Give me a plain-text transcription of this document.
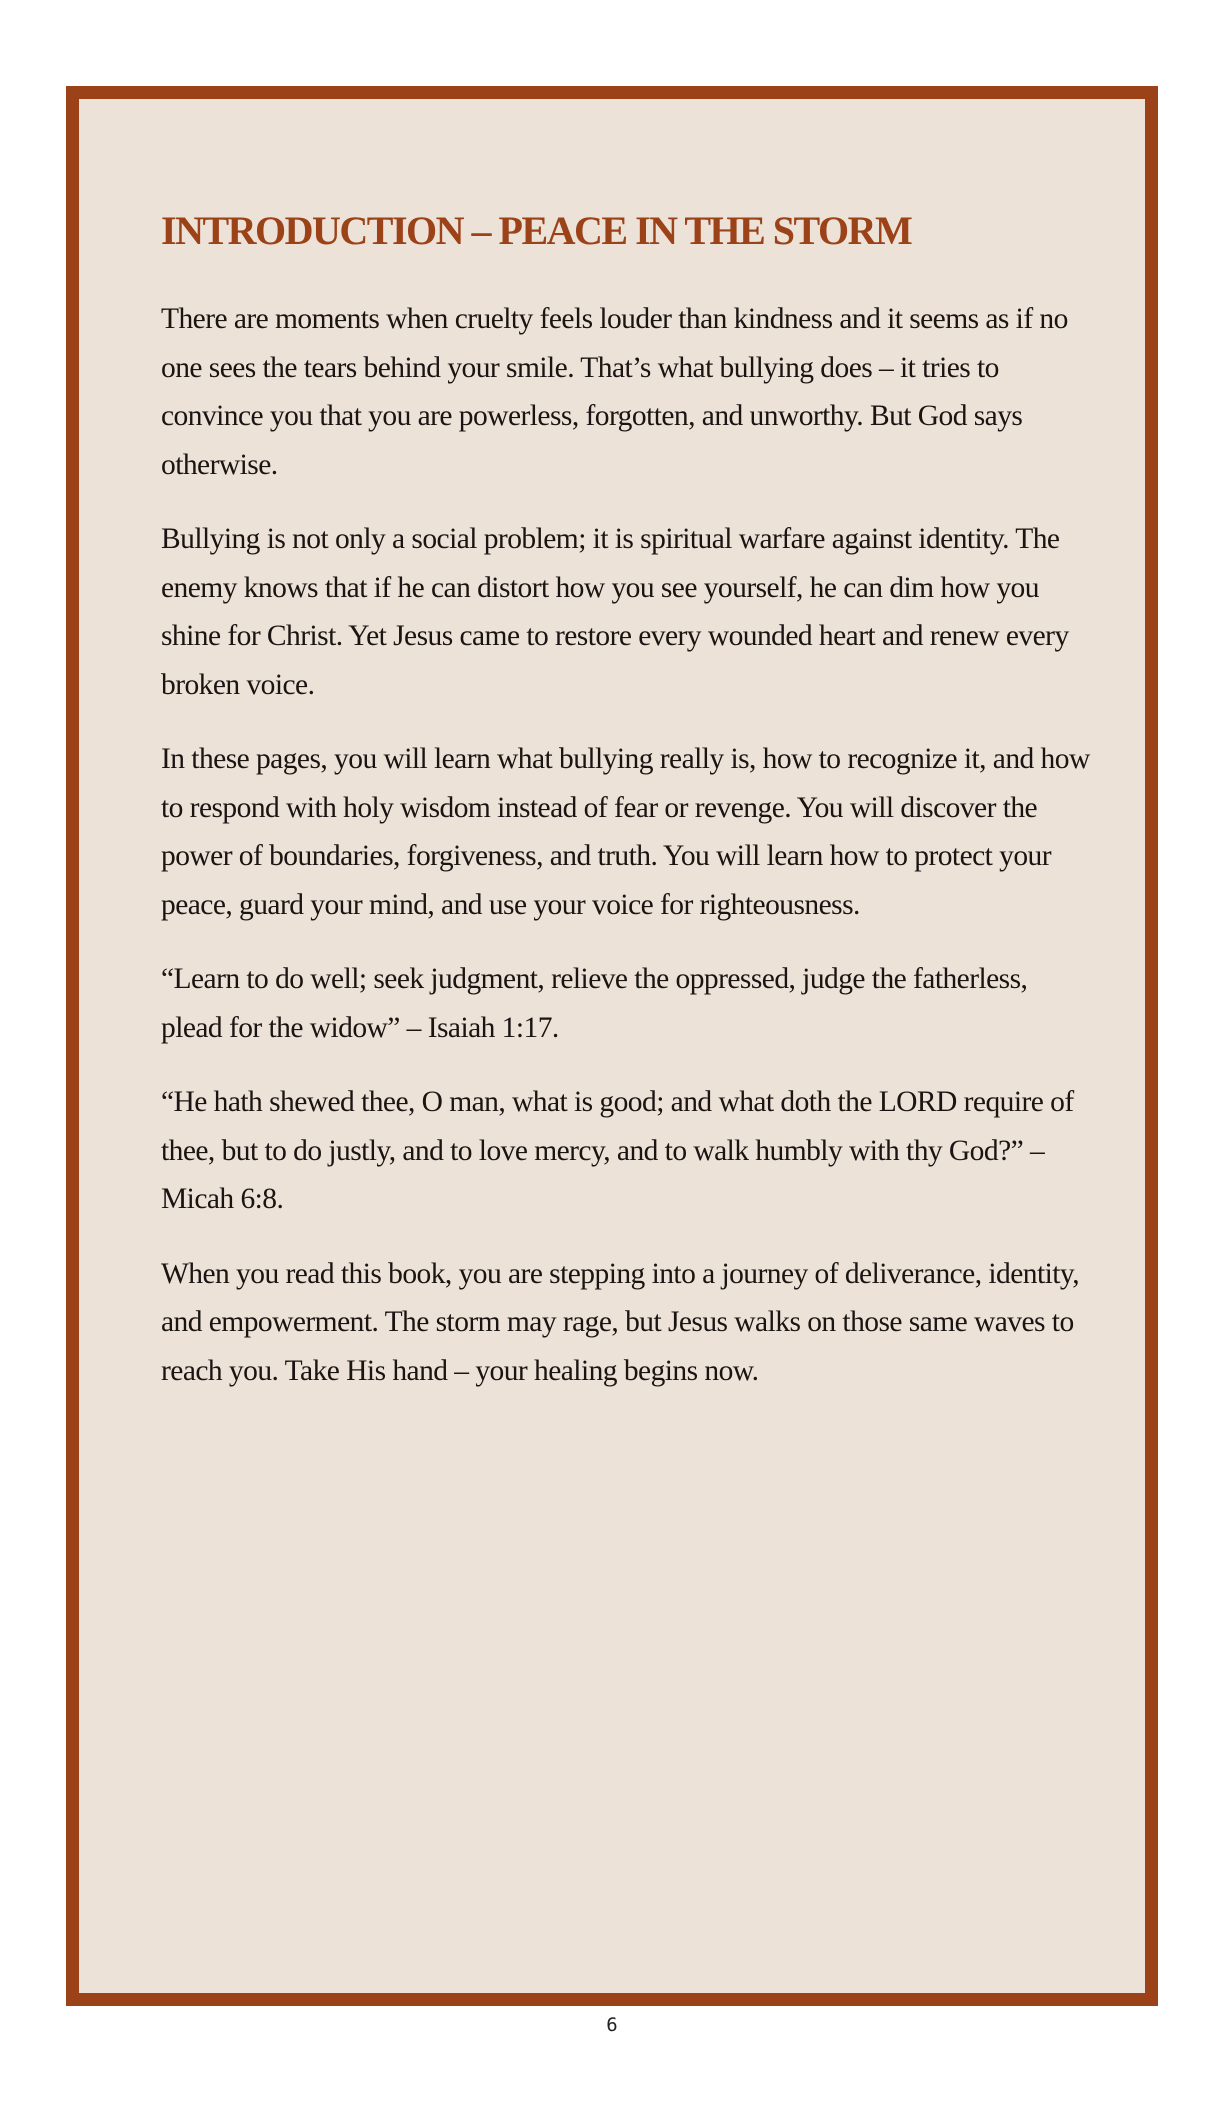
INTRODUCTION – PEACE IN THE STORM

There are moments when cruelty feels louder than kindness and it seems as if no one sees the tears behind your smile. That’s what bullying does – it tries to convince you that you are powerless, forgotten, and unworthy. But God says otherwise.

Bullying is not only a social problem; it is spiritual warfare against identity. The enemy knows that if he can distort how you see yourself, he can dim how you shine for Christ. Yet Jesus came to restore every wounded heart and renew every broken voice.

In these pages, you will learn what bullying really is, how to recognize it, and how to respond with holy wisdom instead of fear or revenge. You will discover the power of boundaries, forgiveness, and truth. You will learn how to protect your peace, guard your mind, and use your voice for righteousness.

“Learn to do well; seek judgment, relieve the oppressed, judge the fatherless, plead for the widow” – Isaiah 1:17.

“He hath shewed thee, O man, what is good; and what doth the LORD require of thee, but to do justly, and to love mercy, and to walk humbly with thy God?” – Micah 6:8.

When you read this book, you are stepping into a journey of deliverance, identity, and empowerment. The storm may rage, but Jesus walks on those same waves to reach you. Take His hand – your healing begins now.

6
